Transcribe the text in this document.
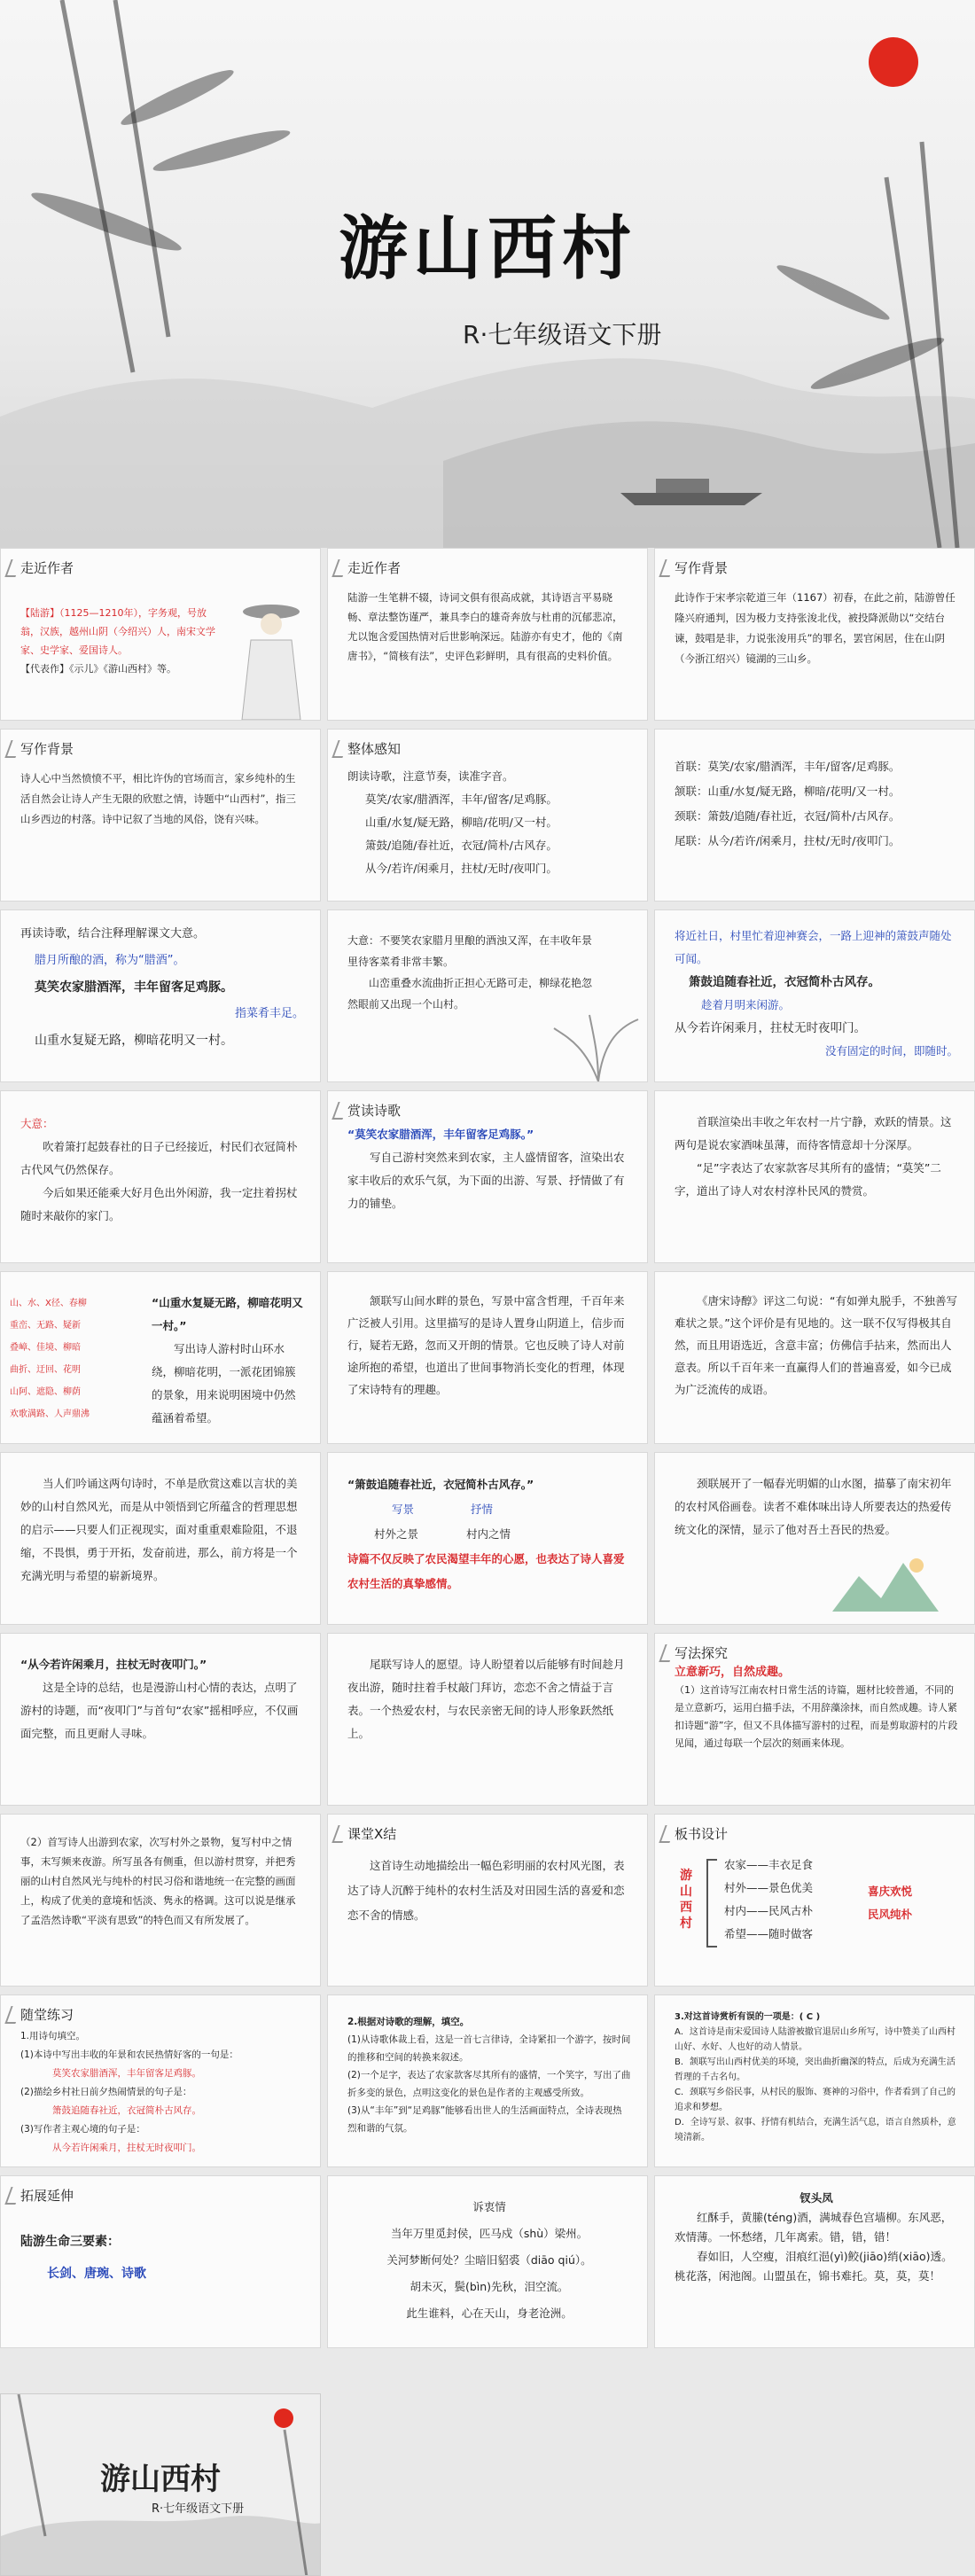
游山西村
R·七年级语文下册
走近作者
【陆游】（1125—1210年），字务观，号放翁，汉族，越州山阴（今绍兴）人，南宋文学家、史学家、爱国诗人。
【代表作】《示儿》《游山西村》等。
走近作者
陆游一生笔耕不辍，诗词文俱有很高成就，其诗语言平易晓畅、章法整饬谨严，兼具李白的雄奇奔放与杜甫的沉郁悲凉，尤以饱含爱国热情对后世影响深远。陆游亦有史才，他的《南唐书》，“简核有法”，史评色彩鲜明，具有很高的史料价值。
写作背景
此诗作于宋孝宗乾道三年（1167）初春，在此之前，陆游曾任隆兴府通判，因为极力支持张浚北伐，被投降派勋以“交结台谏，鼓唱是非，力说张浚用兵”的罪名，罢官闲居，住在山阴（今浙江绍兴）镜湖的三山乡。
写作背景
诗人心中当然愤愤不平，相比许伪的官场而言，家乡纯朴的生活自然会让诗人产生无限的欣慰之情，诗题中“山西村”，指三山乡西边的村落。诗中记叙了当地的风俗，饶有兴味。
整体感知
朗读诗歌，注意节奏，读准字音。
莫笑/农家/腊酒浑，丰年/留客/足鸡豚。
山重/水复/疑无路，柳暗/花明/又一村。
箫鼓/追随/春社近，衣冠/简朴/古风存。
从今/若许/闲乘月，拄杖/无时/夜叩门。
首联：莫笑/农家/腊酒浑，丰年/留客/足鸡豚。
颔联：山重/水复/疑无路，柳暗/花明/又一村。
颈联：箫鼓/追随/春社近，衣冠/简朴/古风存。
尾联：从今/若许/闲乘月，拄杖/无时/夜叩门。
再读诗歌，结合注释理解课文大意。
腊月所酿的酒，称为“腊酒”。
莫笑农家腊酒浑，丰年留客足鸡豚。
指菜肴丰足。
山重水复疑无路，柳暗花明又一村。
大意：不要笑农家腊月里酿的酒浊又浑，在丰收年景里待客菜肴非常丰繁。
山峦重叠水流曲折正担心无路可走，柳绿花艳忽然眼前又出现一个山村。
将近社日，村里忙着迎神赛会，一路上迎神的箫鼓声随处可闻。
箫鼓追随春社近，衣冠简朴古风存。
趁着月明来闲游。
从今若许闲乘月，拄杖无时夜叩门。
没有固定的时间，即随时。
大意：
吹着箫打起鼓春社的日子已经接近，村民们衣冠简朴古代风气仍然保存。
今后如果还能乘大好月色出外闲游，我一定拄着拐杖随时来敲你的家门。
赏读诗歌
“莫笑农家腊酒浑，丰年留客足鸡豚。”
写自己游村突然来到农家，主人盛情留客，渲染出农家丰收后的欢乐气氛，为下面的出游、写景、抒情做了有力的铺垫。
首联渲染出丰收之年农村一片宁静，欢跃的情景。这两句是说农家酒味虽薄，而待客情意却十分深厚。
“足”字表达了农家款客尽其所有的盛情；“莫笑”二字，道出了诗人对农村淳朴民风的赞赏。
山、水、X径、春柳
重峦、无路、疑新
叠嶂、佳境、柳暗
曲折、迂回、花明
山阿、遮隐、柳荫
欢歌满路、人声鼎沸
“山重水复疑无路，柳暗花明又一村。”
写出诗人游村时山环水绕，柳暗花明，一派花团锦簇的景象，用来说明困境中仍然蕴涵着希望。
颔联写山间水畔的景色，写景中富含哲理，千百年来广泛被人引用。这里描写的是诗人置身山阴道上，信步而行，疑若无路，忽而又开朗的情景。它也反映了诗人对前途所抱的希望，也道出了世间事物消长变化的哲理，体现了宋诗特有的理趣。
《唐宋诗醇》评这二句说：“有如弹丸脱手，不独善写难状之景。”这个评价是有见地的。这一联不仅写得极其自然，而且用语选近，含意丰富；仿佛信手拈来，然而出人意表。所以千百年来一直赢得人们的普遍喜爱，如今已成为广泛流传的成语。
当人们吟诵这两句诗时，不单是欣赏这难以言状的美妙的山村自然风光，而是从中领悟到它所蕴含的哲理思想的启示——只要人们正视现实，面对重重艰难险阻，不退缩，不畏惧，勇于开拓，发奋前进，那么，前方将是一个充满光明与希望的崭新境界。
“箫鼓追随春社近，衣冠简朴古风存。”
写景 抒情
村外之景 村内之情
诗篇不仅反映了农民渴望丰年的心愿，也表达了诗人喜爱农村生活的真挚感情。
颈联展开了一幅春光明媚的山水图，描摹了南宋初年的农村风俗画卷。读者不难体味出诗人所要表达的热爱传统文化的深情，显示了他对吾土吾民的热爱。
“从今若许闲乘月，拄杖无时夜叩门。”
这是全诗的总结，也是漫游山村心情的表达，点明了游村的诗题，而“夜叩门”与首句“农家”摇相呼应，不仅画面完整，而且更耐人寻味。
尾联写诗人的愿望。诗人盼望着以后能够有时间趁月夜出游，随时拄着手杖敲门拜访，恋恋不舍之情益于言表。一个热爱农村，与农民亲密无间的诗人形象跃然纸上。
写法探究
立意新巧，自然成趣。
（1）这首诗写江南农村日常生活的诗篇，题材比较普通，不同的是立意新巧，运用白描手法，不用辞藻涂抹，而自然成趣。诗人紧扣诗题“游”字，但又不具体描写游村的过程，而是剪取游村的片段见闻，通过每联一个层次的刻画来体现。
（2）首写诗人出游到农家，次写村外之景物，复写村中之情事，末写频来夜游。所写虽各有侧重，但以游村贯穿，并把秀丽的山村自然风光与纯朴的村民习俗和谐地统一在完整的画面上，构成了优美的意境和恬淡、隽永的格调。这可以说是继承了孟浩然诗歌“平淡有思致”的特色而又有所发展了。
课堂X结
这首诗生动地描绘出一幅色彩明丽的农村风光图，表达了诗人沉醉于纯朴的农村生活及对田园生活的喜爱和恋恋不舍的情感。
板书设计
游山西村
农家——丰衣足食
村外——景色优美
村内——民风古朴
希望——随时做客
喜庆欢悦
民风纯朴
随堂练习
1.用诗句填空。
(1)本诗中写出丰收的年景和农民热情好客的一句是：
莫笑农家腊酒浑，丰年留客足鸡豚。
(2)描绘乡村社日前夕热闹情景的句子是：
箫鼓追随春社近，衣冠简朴古风存。
(3)写作者主观心境的句子是：
从今若许闲乘月，拄杖无时夜叩门。
2.根据对诗歌的理解，填空。
(1)从诗歌体裁上看，这是一首七言律诗，全诗紧扣一个游字，按时间的推移和空间的转换来叙述。
(2)一个足字，表达了农家款客尽其所有的盛情，一个笑字，写出了曲折多变的景色，点明这变化的景色是作者的主观感受所致。
(3)从“丰年”到“足鸡豚”能够看出世人的生活画面特点，全诗表现热烈和谐的气氛。
3.对这首诗赏析有误的一项是：( C )
A．这首诗是南宋爱国诗人陆游被撤官退居山乡所写，诗中赞美了山西村山好、水好、人也好的动人情景。
B．颔联写出山西村优美的环境，突出曲折幽深的特点，后成为充满生活哲理的千古名句。
C．颈联写乡俗民事，从村民的服饰、赛神的习俗中，作者看到了自己的追求和梦想。
D．全诗写景、叙事、抒情有机结合，充满生活气息，语言自然质朴，意境清新。
拓展延伸
陆游生命三要素：
长剑、唐琬、诗歌
诉衷情
当年万里觅封侯，匹马戍（shù）梁州。
关河梦断何处？尘暗旧貂裘（diāo qiú）。
胡未灭，鬓(bìn)先秋，泪空流。
此生谁料，心在天山，身老沧洲。
钗头凤
红酥手，黄縢(téng)酒，满城春色宫墙柳。东风恶，欢情薄。一怀愁绪，几年离索。错，错，错！
春如旧，人空瘦，泪痕红浥(yì)鲛(jiāo)绡(xiāo)透。桃花落，闲池阁。山盟虽在，锦书难托。莫，莫，莫！
游山西村
R·七年级语文下册
